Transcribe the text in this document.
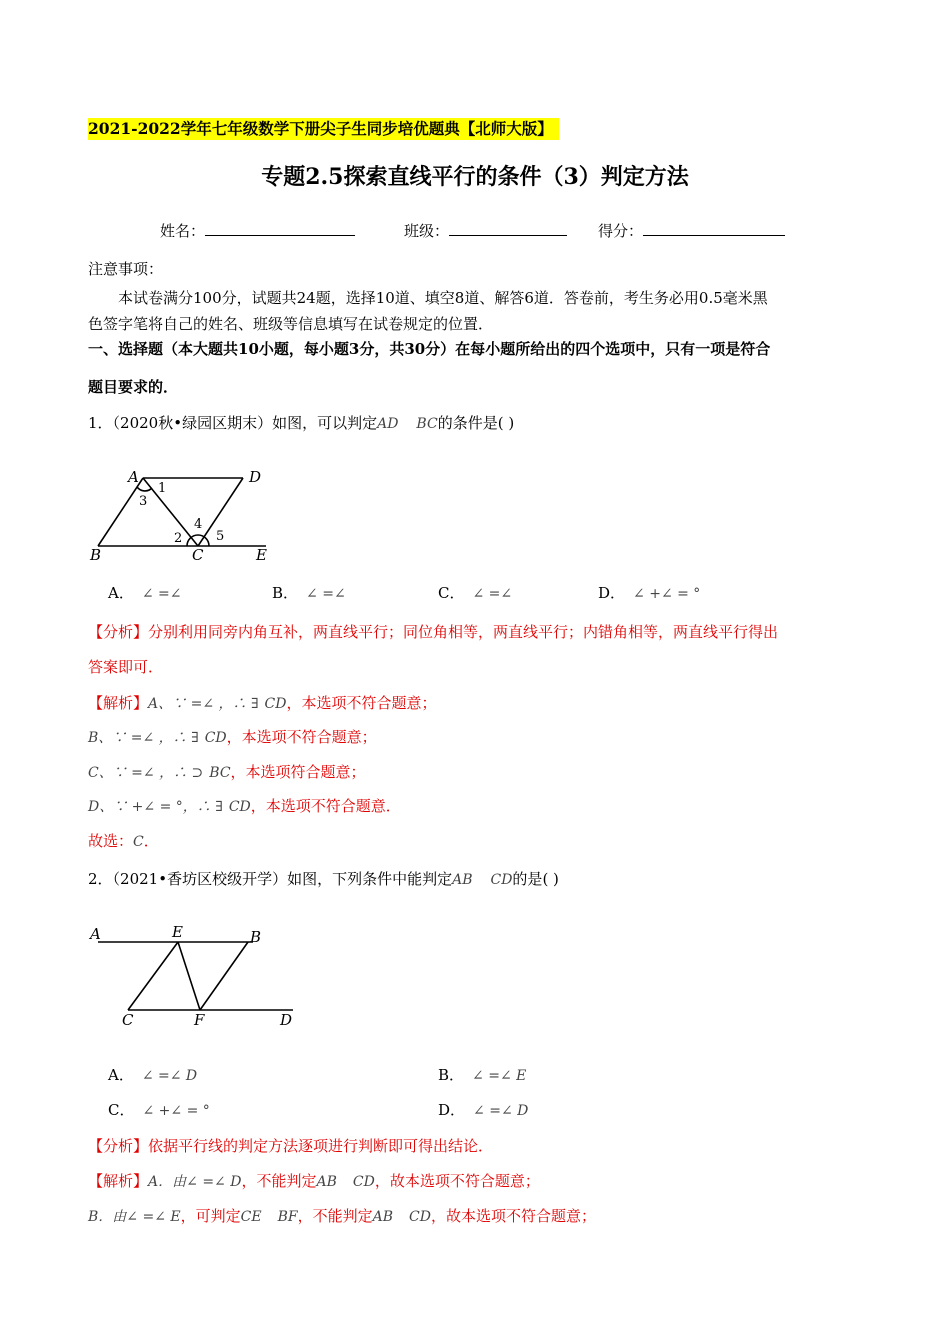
2021-2022学年七年级数学下册尖子生同步培优题典【北师大版】
专题2.5探索直线平行的条件（3）判定方法
姓名：	班级：	得分：
注意事项：
本试卷满分100分，试题共24题，选择10道、填空8道、解答6道．答卷前，考生务必用0.5毫米黑
色签字笔将自己的姓名、班级等信息填写在试卷规定的位置．
一、选择题（本大题共10小题，每小题3分，共30分）在每小题所给出的四个选项中，只有一项是符合
题目要求的．
1．（2020秋•绿园区期末）如图，可以判定AD BC的条件是( )
A	D
B	C	E
1
3
2
4
5
A． ∠ =∠	B． ∠ =∠	C． ∠ =∠	D． ∠ +∠ = °
【分析】分别利用同旁内角互补，两直线平行；同位角相等，两直线平行；内错角相等，两直线平行得出
答案即可．
【解析】A、∵ =∠ ，∴ ∃ CD，本选项不符合题意；
B、∵ =∠ ，∴ ∃ CD，本选项不符合题意；
C、∵ =∠ ，∴ ⊃ BC，本选项符合题意；
D、∵ +∠ = °，∴ ∃ CD，本选项不符合题意．
故选：C．
2．（2021•香坊区校级开学）如图，下列条件中能判定AB CD的是( )
A	E	B
C	F	D
A． ∠ =∠ D	B． ∠ =∠ E
C． ∠ +∠ = °	D． ∠ =∠ D
【分析】依据平行线的判定方法逐项进行判断即可得出结论．
【解析】A．由∠ =∠ D，不能判定AB CD，故本选项不符合题意；
B．由∠ =∠ E，可判定CE BF，不能判定AB CD，故本选项不符合题意；
